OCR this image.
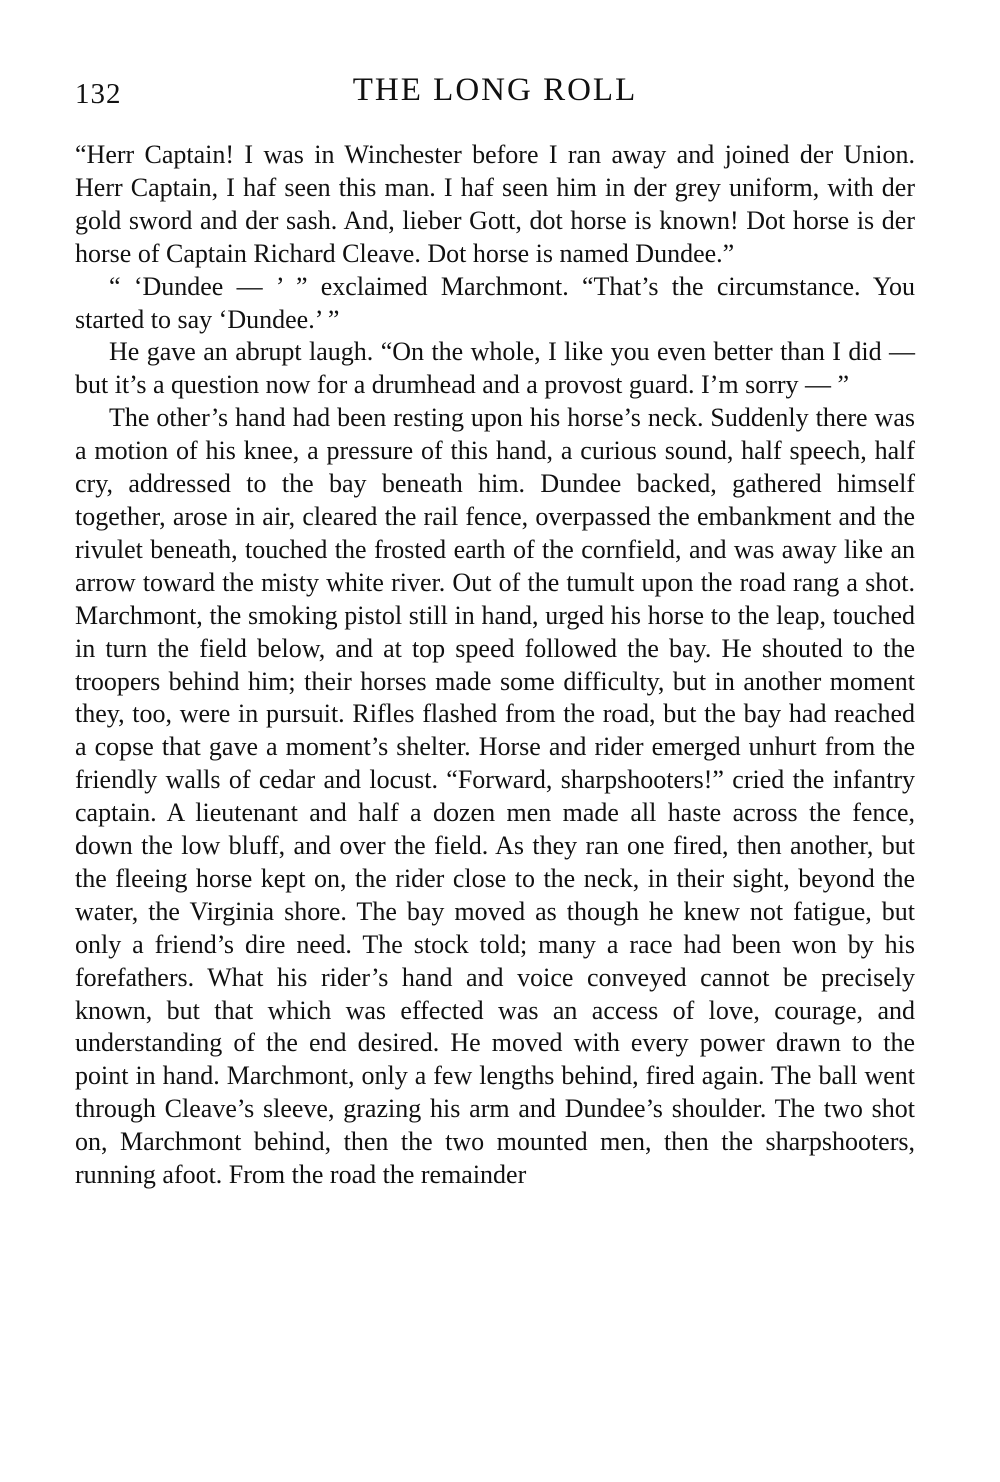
132	THE LONG ROLL

“Herr Captain! I was in Winchester before I ran away and joined der Union. Herr Captain, I haf seen this man. I haf seen him in der grey uniform, with der gold sword and der sash. And, lieber Gott, dot horse is known! Dot horse is der horse of Captain Richard Cleave. Dot horse is named Dundee.”

“ ‘Dundee — ’ ” exclaimed Marchmont. “That’s the circumstance. You started to say ‘Dundee.’ ”

He gave an abrupt laugh. “On the whole, I like you even better than I did — but it’s a question now for a drumhead and a provost guard. I’m sorry — ”

The other’s hand had been resting upon his horse’s neck. Suddenly there was a motion of his knee, a pressure of this hand, a curious sound, half speech, half cry, addressed to the bay beneath him. Dundee backed, gathered himself together, arose in air, cleared the rail fence, overpassed the embankment and the rivulet beneath, touched the frosted earth of the cornfield, and was away like an arrow toward the misty white river. Out of the tumult upon the road rang a shot. Marchmont, the smoking pistol still in hand, urged his horse to the leap, touched in turn the field below, and at top speed followed the bay. He shouted to the troopers behind him; their horses made some difficulty, but in another moment they, too, were in pursuit. Rifles flashed from the road, but the bay had reached a copse that gave a moment’s shelter. Horse and rider emerged unhurt from the friendly walls of cedar and locust. “Forward, sharpshooters!” cried the infantry captain. A lieutenant and half a dozen men made all haste across the fence, down the low bluff, and over the field. As they ran one fired, then another, but the fleeing horse kept on, the rider close to the neck, in their sight, beyond the water, the Virginia shore. The bay moved as though he knew not fatigue, but only a friend’s dire need. The stock told; many a race had been won by his forefathers. What his rider’s hand and voice conveyed cannot be precisely known, but that which was effected was an access of love, courage, and understanding of the end desired. He moved with every power drawn to the point in hand. Marchmont, only a few lengths behind, fired again. The ball went through Cleave’s sleeve, grazing his arm and Dundee’s shoulder. The two shot on, Marchmont behind, then the two mounted men, then the sharpshooters, running afoot. From the road the remainder
